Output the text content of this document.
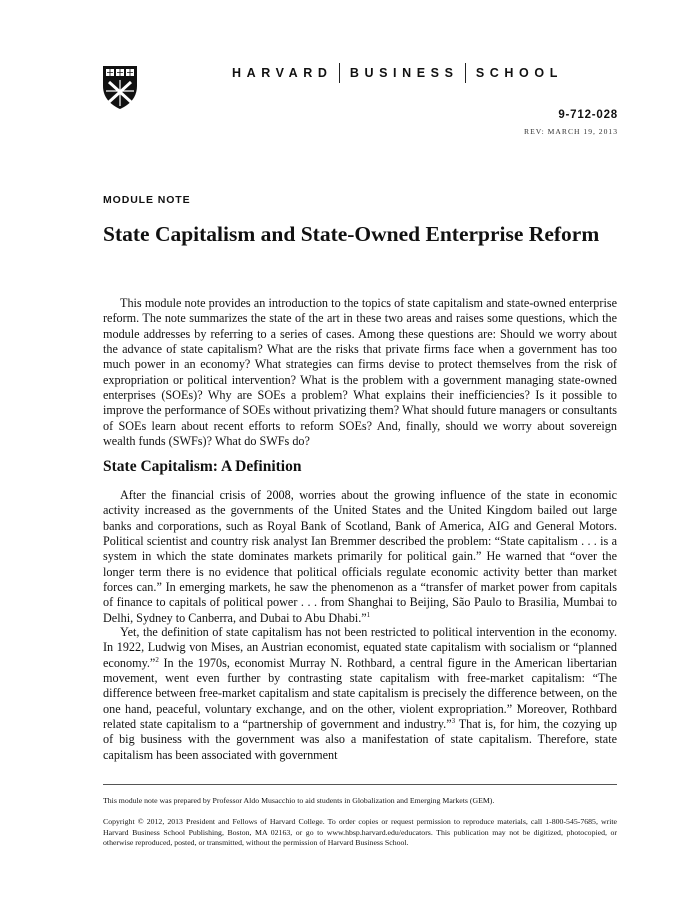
HARVARD BUSINESS SCHOOL
9-712-028
REV: MARCH 19, 2013
MODULE NOTE
State Capitalism and State-Owned Enterprise Reform

This module note provides an introduction to the topics of state capitalism and state-owned enterprise reform. The note summarizes the state of the art in these two areas and raises some questions, which the module addresses by referring to a series of cases. Among these questions are: Should we worry about the advance of state capitalism? What are the risks that private firms face when a government has too much power in an economy? What strategies can firms devise to protect themselves from the risk of expropriation or political intervention? What is the problem with a government managing state-owned enterprises (SOEs)? Why are SOEs a problem? What explains their inefficiencies? Is it possible to improve the performance of SOEs without privatizing them? What should future managers or consultants of SOEs learn about recent efforts to reform SOEs? And, finally, should we worry about sovereign wealth funds (SWFs)? What do SWFs do?

State Capitalism: A Definition

After the financial crisis of 2008, worries about the growing influence of the state in economic activity increased as the governments of the United States and the United Kingdom bailed out large banks and corporations, such as Royal Bank of Scotland, Bank of America, AIG and General Motors. Political scientist and country risk analyst Ian Bremmer described the problem: “State capitalism . . . is a system in which the state dominates markets primarily for political gain.” He warned that “over the longer term there is no evidence that political officials regulate economic activity better than market forces can.” In emerging markets, he saw the phenomenon as a “transfer of market power from capitals of finance to capitals of political power . . . from Shanghai to Beijing, São Paulo to Brasilia, Mumbai to Delhi, Sydney to Canberra, and Dubai to Abu Dhabi.”$^1$

Yet, the definition of state capitalism has not been restricted to political intervention in the economy. In 1922, Ludwig von Mises, an Austrian economist, equated state capitalism with socialism or “planned economy.”$^2$ In the 1970s, economist Murray N. Rothbard, a central figure in the American libertarian movement, went even further by contrasting state capitalism with free-market capitalism: “The difference between free-market capitalism and state capitalism is precisely the difference between, on the one hand, peaceful, voluntary exchange, and on the other, violent expropriation.” Moreover, Rothbard related state capitalism to a “partnership of government and industry.”$^3$ That is, for him, the cozying up of big business with the government was also a manifestation of state capitalism. Therefore, state capitalism has been associated with government

This module note was prepared by Professor Aldo Musacchio to aid students in Globalization and Emerging Markets (GEM).

Copyright © 2012, 2013 President and Fellows of Harvard College. To order copies or request permission to reproduce materials, call 1-800-545-7685, write Harvard Business School Publishing, Boston, MA 02163, or go to www.hbsp.harvard.edu/educators. This publication may not be digitized, photocopied, or otherwise reproduced, posted, or transmitted, without the permission of Harvard Business School.
